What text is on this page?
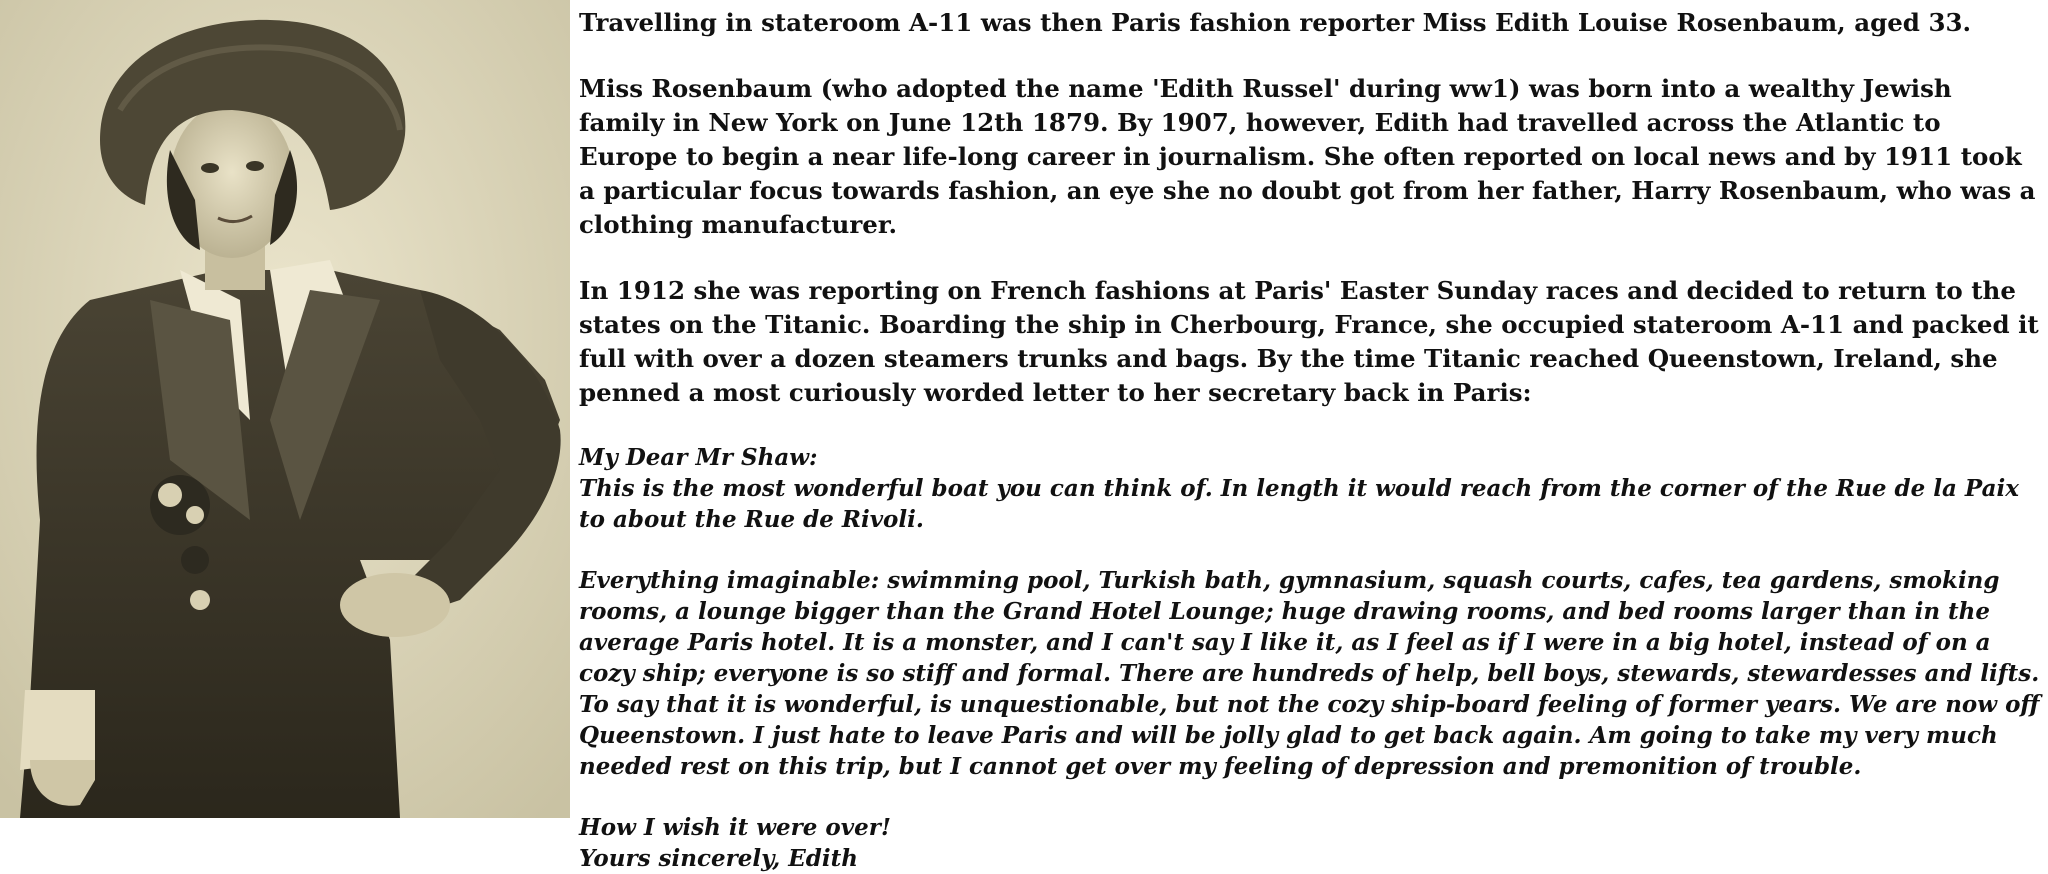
Travelling in stateroom A-11 was then Paris fashion reporter Miss Edith Louise Rosenbaum, aged 33.

Miss Rosenbaum (who adopted the name 'Edith Russel' during ww1) was born into a wealthy Jewish family in New York on June 12th 1879. By 1907, however, Edith had travelled across the Atlantic to Europe to begin a near life-long career in journalism. She often reported on local news and by 1911 took a particular focus towards fashion, an eye she no doubt got from her father, Harry Rosenbaum, who was a clothing manufacturer.

In 1912 she was reporting on French fashions at Paris' Easter Sunday races and decided to return to the states on the Titanic. Boarding the ship in Cherbourg, France, she occupied stateroom A-11 and packed it full with over a dozen steamers trunks and bags. By the time Titanic reached Queenstown, Ireland, she penned a most curiously worded letter to her secretary back in Paris:

My Dear Mr Shaw:
This is the most wonderful boat you can think of. In length it would reach from the corner of the Rue de la Paix to about the Rue de Rivoli.

Everything imaginable: swimming pool, Turkish bath, gymnasium, squash courts, cafes, tea gardens, smoking rooms, a lounge bigger than the Grand Hotel Lounge; huge drawing rooms, and bed rooms larger than in the average Paris hotel. It is a monster, and I can't say I like it, as I feel as if I were in a big hotel, instead of on a cozy ship; everyone is so stiff and formal. There are hundreds of help, bell boys, stewards, stewardesses and lifts. To say that it is wonderful, is unquestionable, but not the cozy ship-board feeling of former years. We are now off Queenstown. I just hate to leave Paris and will be jolly glad to get back again. Am going to take my very much needed rest on this trip, but I cannot get over my feeling of depression and premonition of trouble.

How I wish it were over!
Yours sincerely, Edith
